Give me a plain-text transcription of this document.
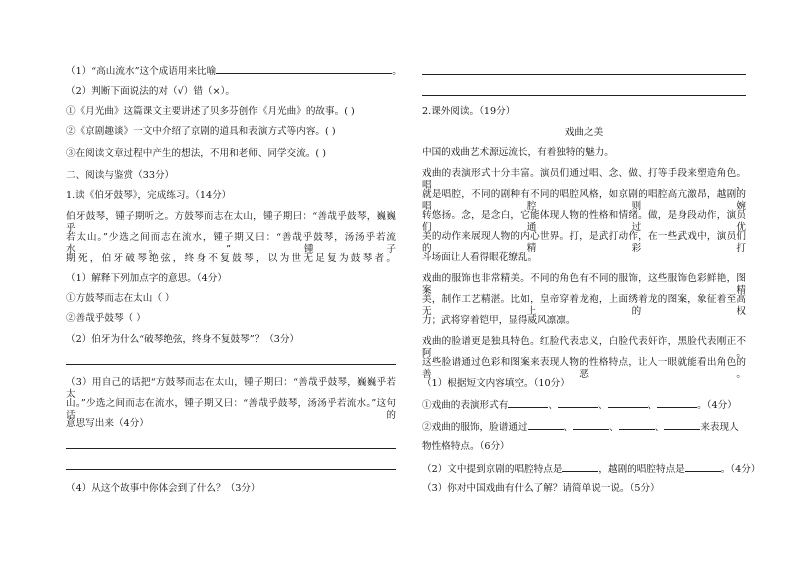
（1）“高山流水”这个成语用来比喻	。
（2）判断下面说法的对（√）错（×）。
①《月光曲》这篇课文主要讲述了贝多芬创作《月光曲》的故事。( )
②《京剧趣谈》一文中介绍了京剧的道具和表演方式等内容。( )
③在阅读文章过程中产生的想法，不用和老师、同学交流。( )
二、阅读与鉴赏（33分）
1.读《伯牙鼓琴》，完成练习。（14分）
伯牙鼓琴，锺子期听之。方鼓琴而志在太山，锺子期曰：“善哉乎鼓琴，巍巍乎
若太山。”少选之间而志在流水，锺子期又曰：“善哉乎鼓琴，汤汤乎若流水。”锺子
期死，伯牙破琴绝弦，终身不复鼓琴，以为世无足复为鼓琴者。
（1）解释下列加点字的意思。（4分）
①方鼓琴而志在太山（ ）
②善哉乎鼓琴（ ）
（2）伯牙为什么“破琴绝弦，终身不复鼓琴”？（3分）
（3）用自己的话把“方鼓琴而志在太山，锺子期曰：“善哉乎鼓琴，巍巍乎若太
山。”少选之间而志在流水，锺子期又曰：“善哉乎鼓琴，汤汤乎若流水。”这句话的
意思写出来（4分）
（4）从这个故事中你体会到了什么？（3分）
2.课外阅读。（19分）
戏曲之美
中国的戏曲艺术源远流长，有着独特的魅力。
戏曲的表演形式十分丰富。演员们通过唱、念、做、打等手段来塑造角色。唱，
就是唱腔，不同的剧种有不同的唱腔风格，如京剧的唱腔高亢激昂，越剧的唱腔则婉
转悠扬。念，是念白，它能体现人物的性格和情绪。做，是身段动作，演员们通过优
美的动作来展现人物的内心世界。打，是武打动作，在一些武戏中，演员们的精彩打
斗场面让人看得眼花缭乱。
戏曲的服饰也非常精美。不同的角色有不同的服饰，这些服饰色彩鲜艳，图案精
美，制作工艺精湛。比如，皇帝穿着龙袍，上面绣着龙的图案，象征着至高无上的权
力；武将穿着铠甲，显得威风凛凛。
戏曲的脸谱更是独具特色。红脸代表忠义，白脸代表奸诈，黑脸代表刚正不阿。
这些脸谱通过色彩和图案来表现人物的性格特点，让人一眼就能看出角色的善恶。
（1）根据短文内容填空。（10分）
①戏曲的表演形式有	、	、	、	。（4分）
②戏曲的服饰，脸谱通过	、	、	、	来表现人
物性格特点。（6分）
（2）文中提到京剧的唱腔特点是	，越剧的唱腔特点是	。（4分）
（3）你对中国戏曲有什么了解？请简单说一说。（5分）
